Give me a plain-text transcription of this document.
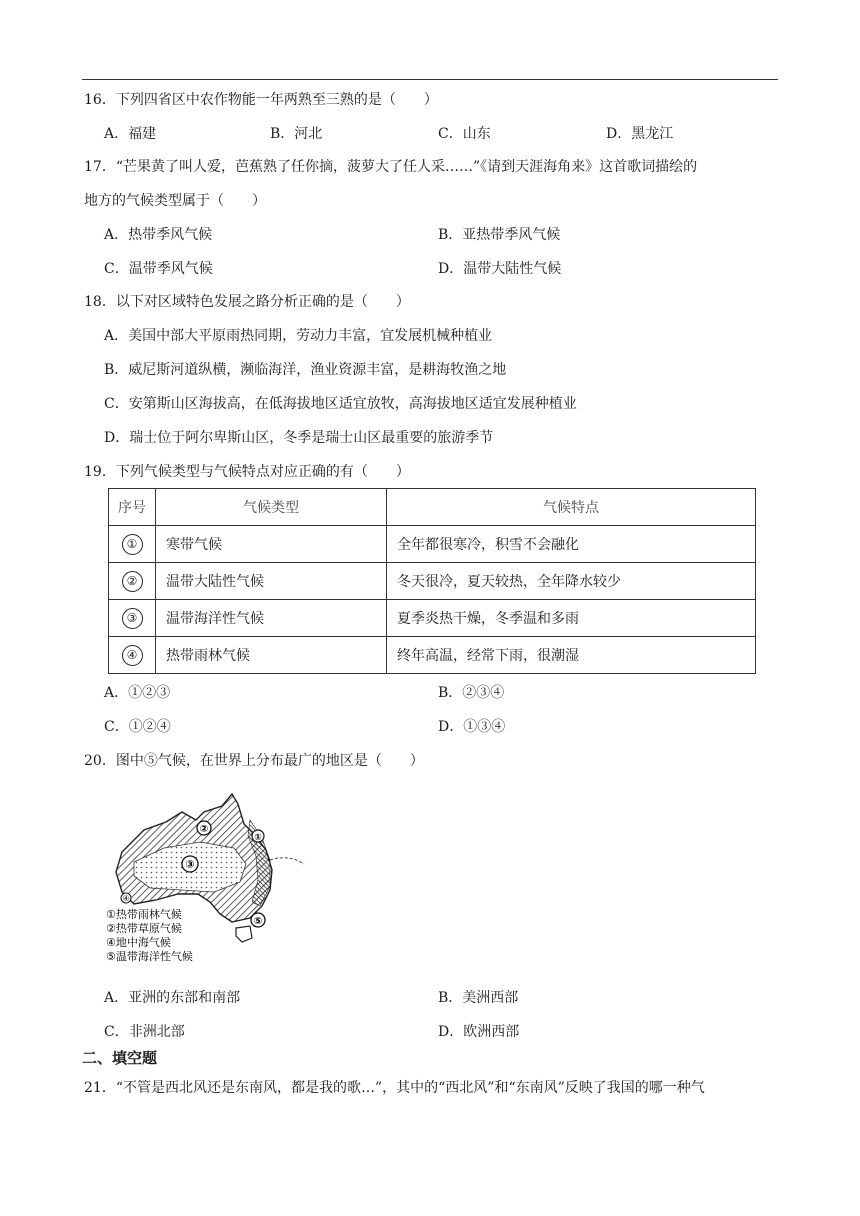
16．下列四省区中农作物能一年两熟至三熟的是（　　）
A．福建	B．河北	C．山东	D．黑龙江
17．“芒果黄了叫人爱，芭蕉熟了任你摘，菠萝大了任人采……”《请到天涯海角来》这首歌词描绘的
地方的气候类型属于（　　）
A．热带季风气候	B．亚热带季风气候
C．温带季风气候	D．温带大陆性气候
18．以下对区域特色发展之路分析正确的是（　　）
A．美国中部大平原雨热同期，劳动力丰富，宜发展机械种植业
B．威尼斯河道纵横，濒临海洋，渔业资源丰富，是耕海牧渔之地
C．安第斯山区海拔高，在低海拔地区适宜放牧，高海拔地区适宜发展种植业
D．瑞士位于阿尔卑斯山区，冬季是瑞士山区最重要的旅游季节
19．下列气候类型与气候特点对应正确的有（　　）
序号	气候类型	气候特点
①	寒带气候	全年都很寒冷，积雪不会融化
②	温带大陆性气候	冬天很冷，夏天较热，全年降水较少
③	温带海洋性气候	夏季炎热干燥，冬季温和多雨
④	热带雨林气候	终年高温，经常下雨，很潮湿
A．①②③	B．②③④
C．①②④	D．①③④
20．图中⑤气候，在世界上分布最广的地区是（　　）
②
③
①
④
⑤
①热带雨林气候
②热带草原气候
④地中海气候
⑤温带海洋性气候
A．亚洲的东部和南部	B．美洲西部
C．非洲北部	D．欧洲西部
二、填空题
21．“不管是西北风还是东南风，都是我的歌…”，其中的“西北风”和“东南风”反映了我国的哪一种气
